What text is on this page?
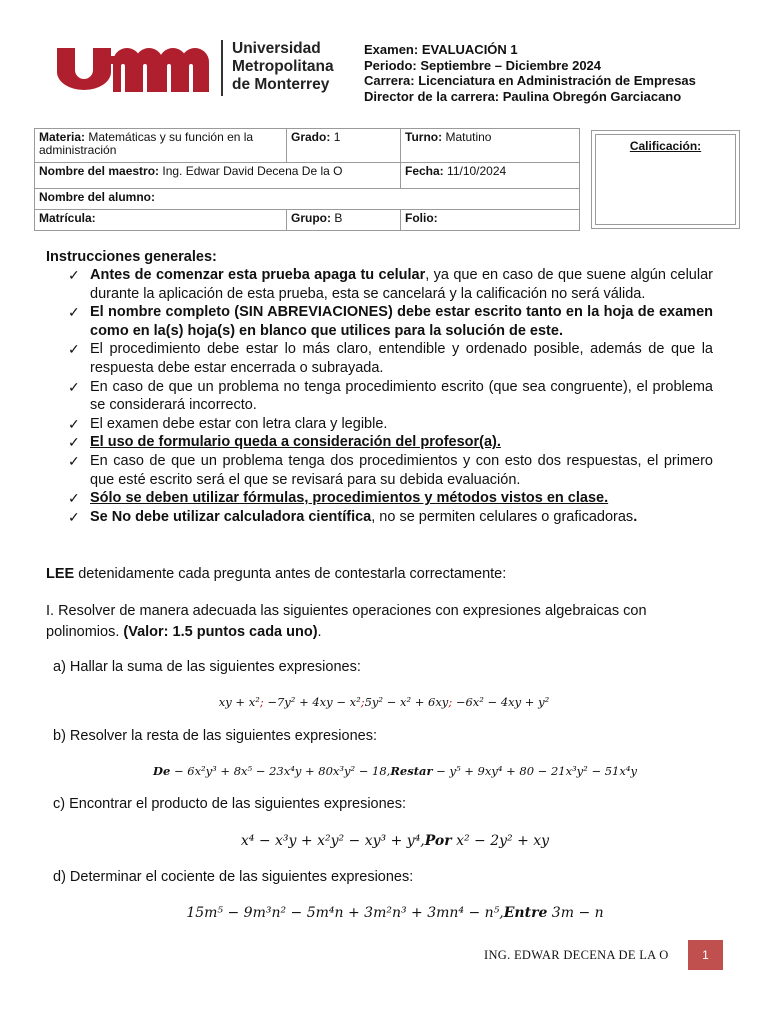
Universidad
Metropolitana
de Monterrey
Examen: EVALUACIÓN 1
Periodo: Septiembre – Diciembre 2024
Carrera: Licenciatura en Administración de Empresas
Director de la carrera: Paulina Obregón Garciacano
Materia: Matemáticas y su función en la administración	Grado: 1	Turno: Matutino
Nombre del maestro: Ing. Edwar David Decena De la O		Fecha: 11/10/2024
Nombre del alumno:		
Matrícula:	Grupo: B	Folio:
Calificación:
Instrucciones generales:
✓ Antes de comenzar esta prueba apaga tu celular, ya que en caso de que suene algún celular durante la aplicación de esta prueba, esta se cancelará y la calificación no será válida.
✓ El nombre completo (SIN ABREVIACIONES) debe estar escrito tanto en la hoja de examen como en la(s) hoja(s) en blanco que utilices para la solución de este.
✓ El procedimiento debe estar lo más claro, entendible y ordenado posible, además de que la respuesta debe estar encerrada o subrayada.
✓ En caso de que un problema no tenga procedimiento escrito (que sea congruente), el problema se considerará incorrecto.
✓ El examen debe estar con letra clara y legible.
✓ El uso de formulario queda a consideración del profesor(a).
✓ En caso de que un problema tenga dos procedimientos y con esto dos respuestas, el primero que esté escrito será el que se revisará para su debida evaluación.
✓ Sólo se deben utilizar fórmulas, procedimientos y métodos vistos en clase.
✓ Se No debe utilizar calculadora científica, no se permiten celulares o graficadoras.
LEE detenidamente cada pregunta antes de contestarla correctamente:
I. Resolver de manera adecuada las siguientes operaciones con expresiones algebraicas con polinomios. (Valor: 1.5 puntos cada uno).
a) Hallar la suma de las siguientes expresiones:
xy + x²; −7y² + 4xy − x²;5y² − x² + 6xy; −6x² − 4xy + y²
b) Resolver la resta de las siguientes expresiones:
De − 6x²y³ + 8x⁵ − 23x⁴y + 80x³y² − 18,Restar − y⁵ + 9xy⁴ + 80 − 21x³y² − 51x⁴y
c) Encontrar el producto de las siguientes expresiones:
x⁴ − x³y + x²y² − xy³ + y⁴,Por x² − 2y² + xy
d) Determinar el cociente de las siguientes expresiones:
15m⁵ − 9m³n² − 5m⁴n + 3m²n³ + 3mn⁴ − n⁵,Entre 3m − n
ING. EDWAR DECENA DE LA O	1
